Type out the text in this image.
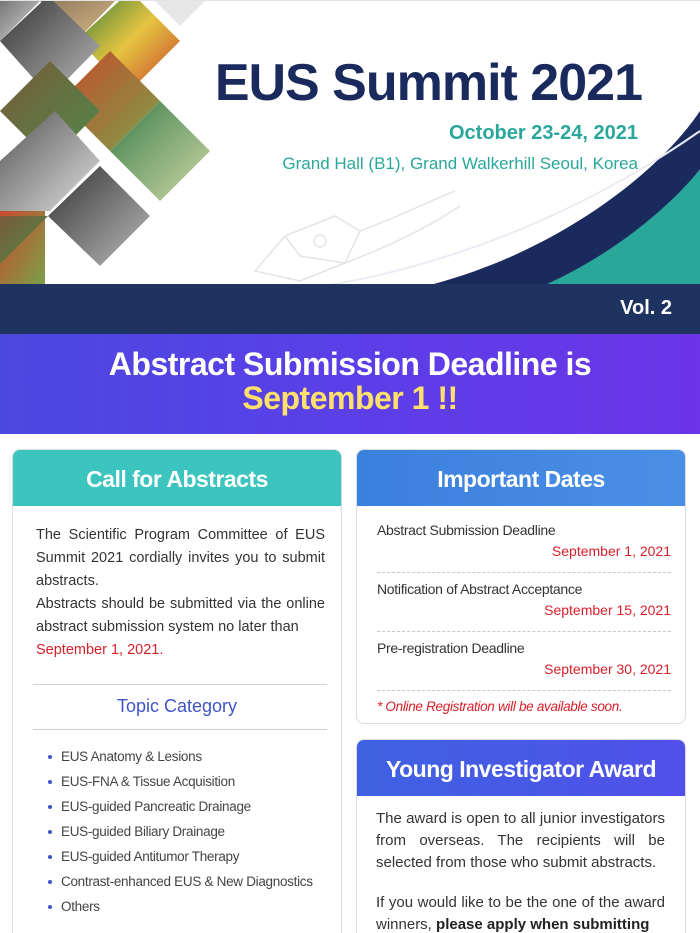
EUS Summit 2021
October 23-24, 2021
Grand Hall (B1), Grand Walkerhill Seoul, Korea
Vol. 2
Abstract Submission Deadline is
September 1 !!
Call for Abstracts
The Scientific Program Committee of EUS Summit 2021 cordially invites you to submit abstracts.
Abstracts should be submitted via the online abstract submission system no later than
September 1, 2021.
Topic Category
EUS Anatomy & Lesions
EUS-FNA & Tissue Acquisition
EUS-guided Pancreatic Drainage
EUS-guided Biliary Drainage
EUS-guided Antitumor Therapy
Contrast-enhanced EUS & New Diagnostics
Others
Important Dates
Abstract Submission Deadline
September 1, 2021
Notification of Abstract Acceptance
September 15, 2021
Pre-registration Deadline
September 30, 2021
* Online Registration will be available soon.
Young Investigator Award

The award is open to all junior investigators from overseas. The recipients will be selected from those who submit abstracts.

If you would like to be the one of the award winners, please apply when submitting
